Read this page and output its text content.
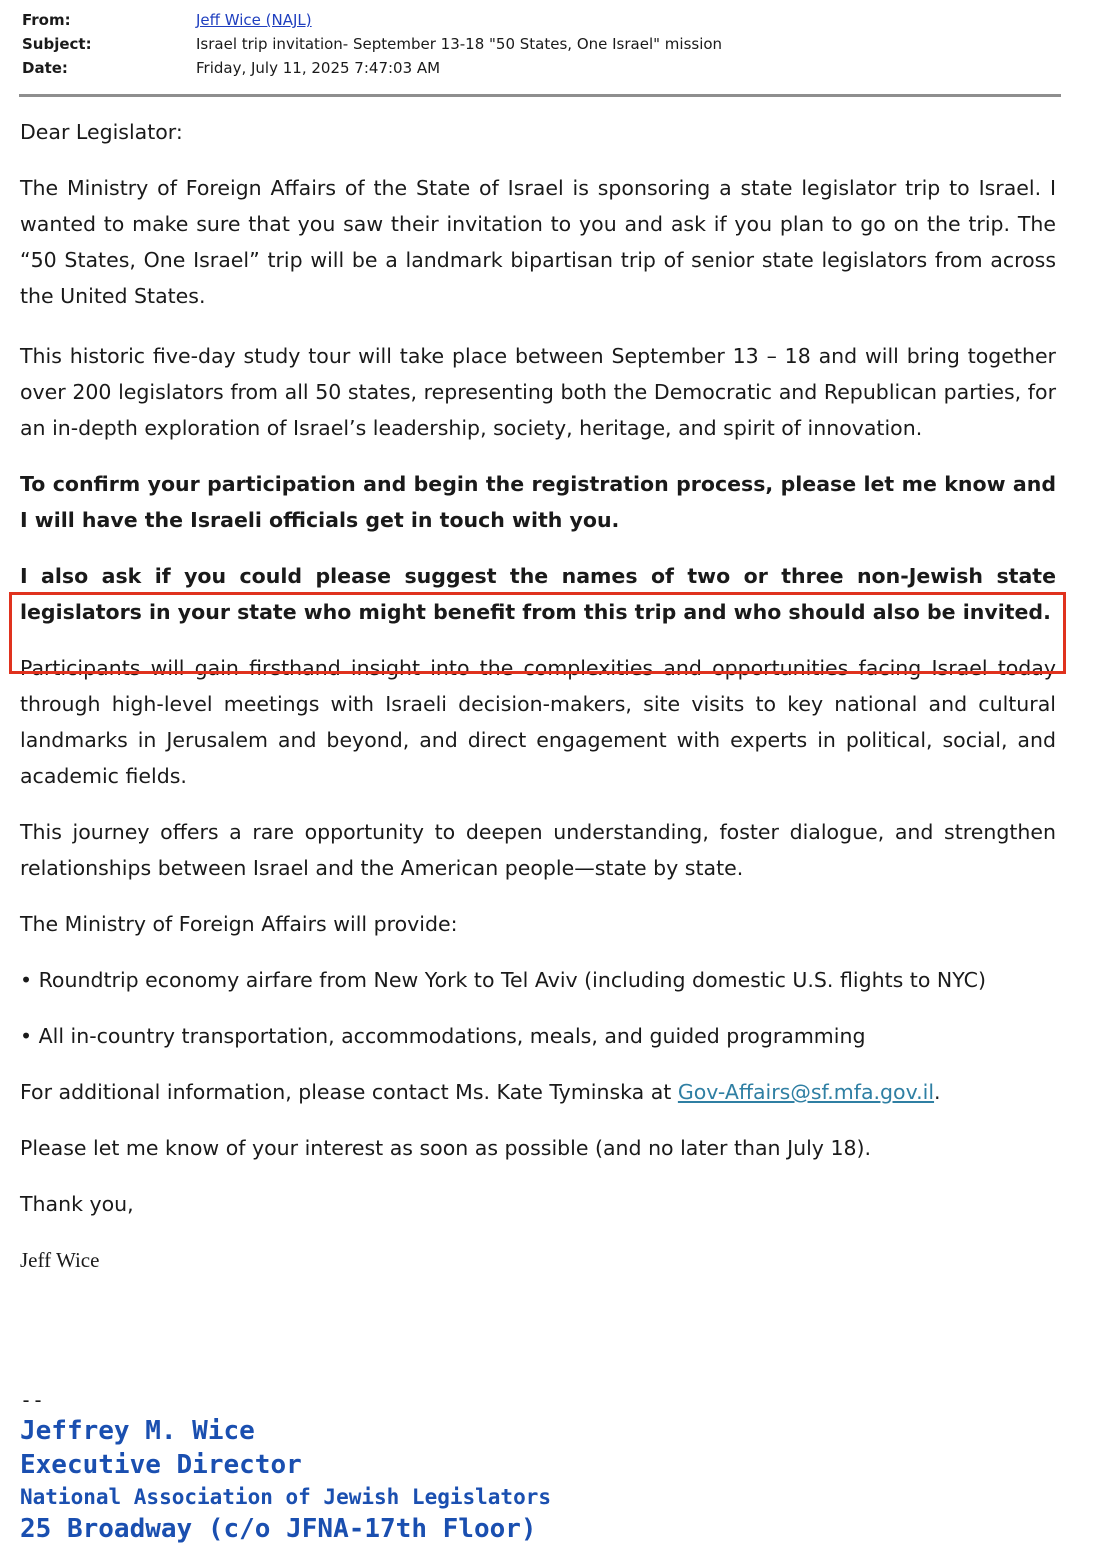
From:	Jeff Wice (NAJL)
Subject:	Israel trip invitation- September 13-18 "50 States, One Israel" mission
Date:	Friday, July 11, 2025 7:47:03 AM

Dear Legislator:

The Ministry of Foreign Affairs of the State of Israel is sponsoring a state legislator trip to Israel. I wanted to make sure that you saw their invitation to you and ask if you plan to go on the trip. The “50 States, One Israel” trip will be a landmark bipartisan trip of senior state legislators from across the United States.

This historic five-day study tour will take place between September 13 – 18 and will bring together over 200 legislators from all 50 states, representing both the Democratic and Republican parties, for an in-depth exploration of Israel’s leadership, society, heritage, and spirit of innovation.

To confirm your participation and begin the registration process, please let me know and I will have the Israeli officials get in touch with you.

I also ask if you could please suggest the names of two or three non-Jewish state legislators in your state who might benefit from this trip and who should also be invited.

Participants will gain firsthand insight into the complexities and opportunities facing Israel today through high-level meetings with Israeli decision-makers, site visits to key national and cultural landmarks in Jerusalem and beyond, and direct engagement with experts in political, social, and academic fields.

This journey offers a rare opportunity to deepen understanding, foster dialogue, and strengthen relationships between Israel and the American people—state by state.

The Ministry of Foreign Affairs will provide:

• Roundtrip economy airfare from New York to Tel Aviv (including domestic U.S. flights to NYC)

• All in-country transportation, accommodations, meals, and guided programming

For additional information, please contact Ms. Kate Tyminska at Gov-Affairs@sf.mfa.gov.il.

Please let me know of your interest as soon as possible (and no later than July 18).

Thank you,

Jeff Wice

--
Jeffrey M. Wice
Executive Director
National Association of Jewish Legislators
25 Broadway (c/o JFNA-17th Floor)
